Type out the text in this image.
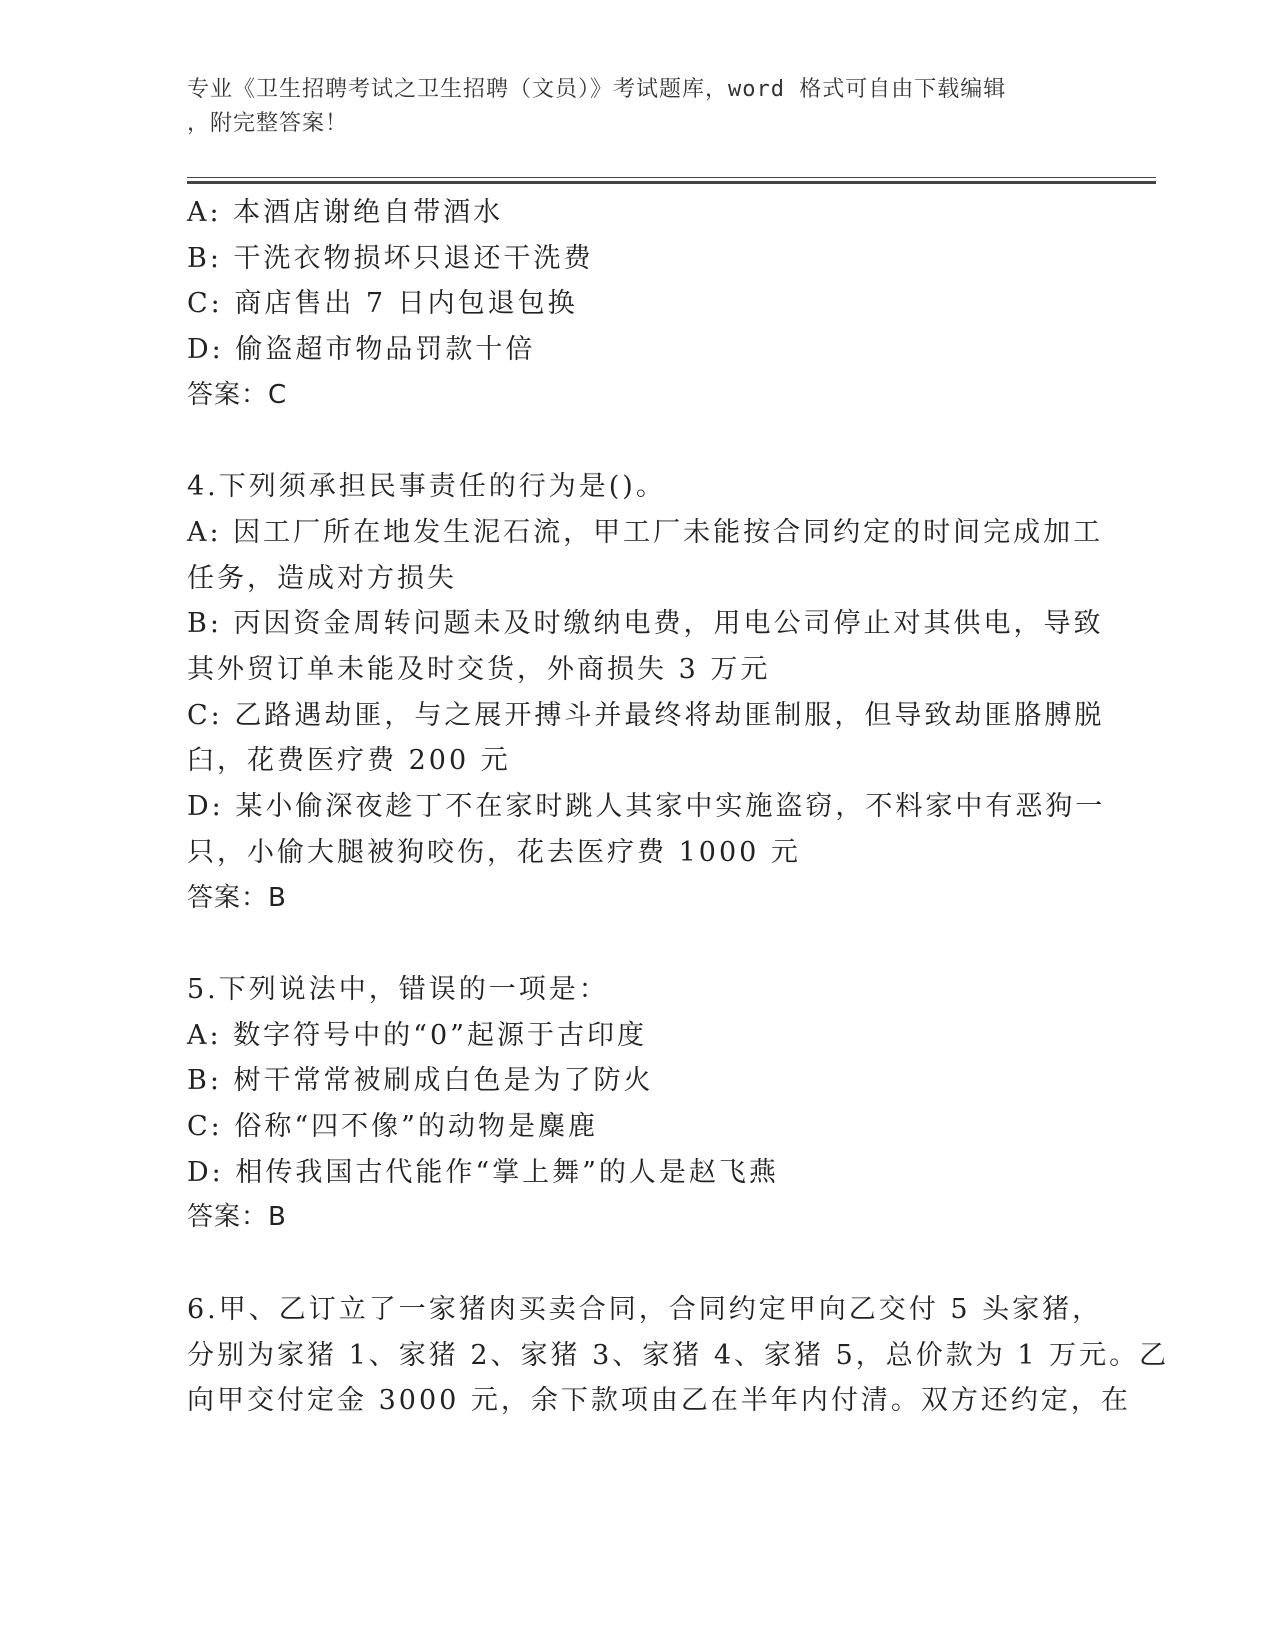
专业《卫生招聘考试之卫生招聘（文员）》考试题库，word 格式可自由下载编辑
，附完整答案！
A: 本酒店谢绝自带酒水
B: 干洗衣物损坏只退还干洗费
C: 商店售出 7 日内包退包换
D: 偷盗超市物品罚款十倍
答案：C
4.下列须承担民事责任的行为是()。
A: 因工厂所在地发生泥石流，甲工厂未能按合同约定的时间完成加工
任务，造成对方损失
B: 丙因资金周转问题未及时缴纳电费，用电公司停止对其供电，导致
其外贸订单未能及时交货，外商损失 3 万元
C: 乙路遇劫匪，与之展开搏斗并最终将劫匪制服，但导致劫匪胳膊脱
臼，花费医疗费 200 元
D: 某小偷深夜趁丁不在家时跳人其家中实施盗窃，不料家中有恶狗一
只，小偷大腿被狗咬伤，花去医疗费 1000 元
答案：B
5.下列说法中，错误的一项是：
A: 数字符号中的“0”起源于古印度
B: 树干常常被刷成白色是为了防火
C: 俗称“四不像”的动物是麋鹿
D: 相传我国古代能作“掌上舞”的人是赵飞燕
答案：B
6.甲、乙订立了一家猪肉买卖合同，合同约定甲向乙交付 5 头家猪，
分别为家猪 1、家猪 2、家猪 3、家猪 4、家猪 5，总价款为 1 万元。乙
向甲交付定金 3000 元，余下款项由乙在半年内付清。双方还约定，在
